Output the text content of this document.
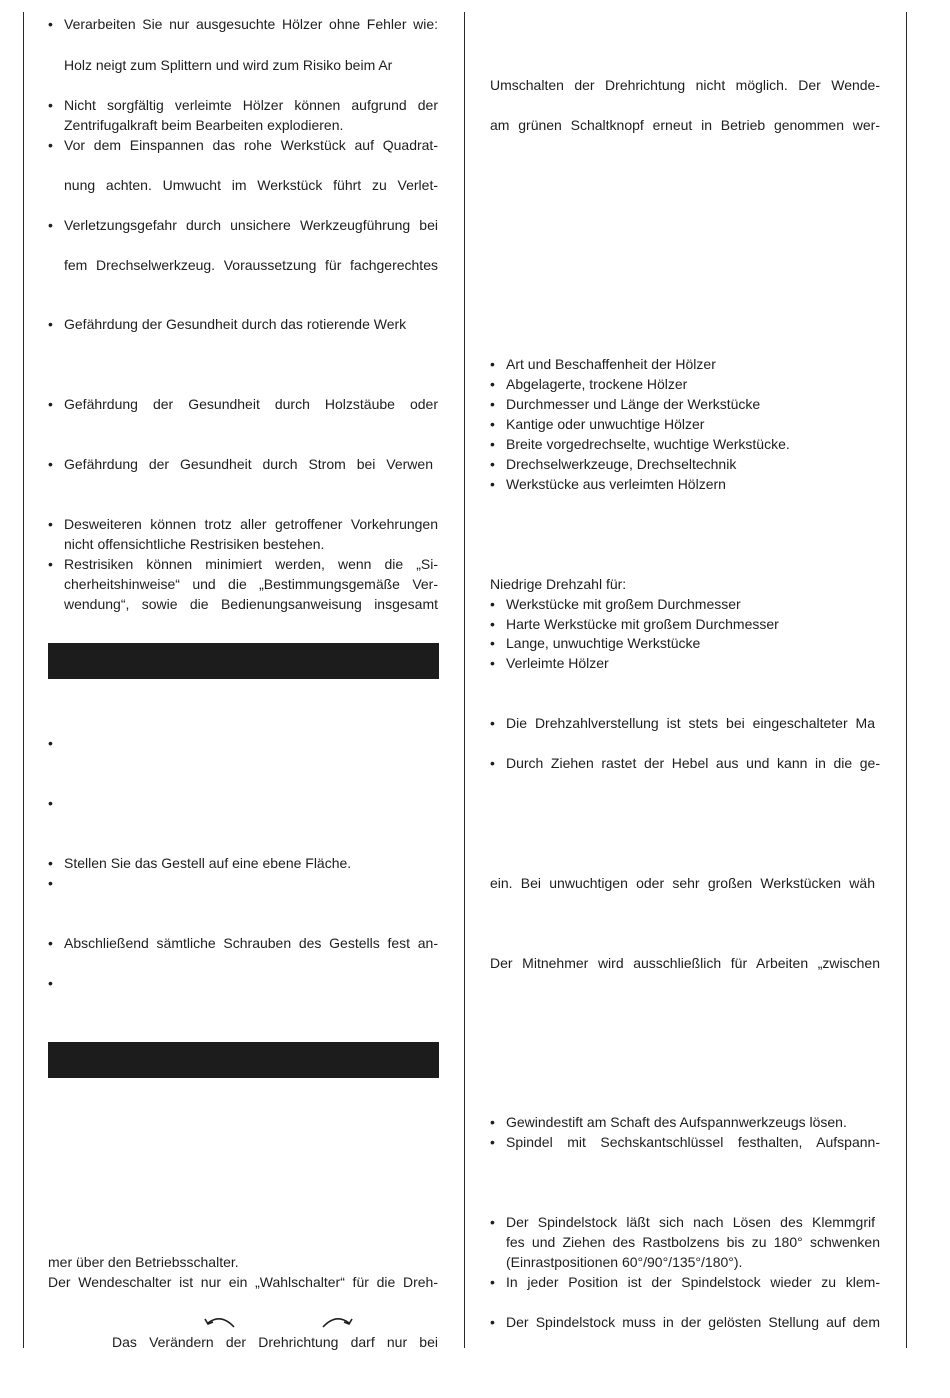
• Verarbeiten Sie nur ausgesuchte Hölzer ohne Fehler wie:
Holz neigt zum Splittern und wird zum Risiko beim Ar
• Nicht sorgfältig verleimte Hölzer können aufgrund der
Zentrifugalkraft beim Bearbeiten explodieren.
• Vor dem Einspannen das rohe Werkstück auf Quadrat-
nung achten. Umwucht im Werkstück führt zu Verlet-
• Verletzungsgefahr durch unsichere Werkzeugführung bei
fem Drechselwerkzeug. Voraussetzung für fachgerechtes
• Gefährdung der Gesundheit durch das rotierende Werk
• Gefährdung der Gesundheit durch Holzstäube oder
• Gefährdung der Gesundheit durch Strom bei Verwen
• Desweiteren können trotz aller getroffener Vorkehrungen
nicht offensichtliche Restrisiken bestehen.
• Restrisiken können minimiert werden, wenn die „Si-
cherheitshinweise“ und die „Bestimmungsgemäße Ver-
wendung“, sowie die Bedienungsanweisung insgesamt
•
•
• Stellen Sie das Gestell auf eine ebene Fläche.
•
• Abschließend sämtliche Schrauben des Gestells fest an-
•
mer über den Betriebsschalter.
Der Wendeschalter ist nur ein „Wahlschalter“ für die Dreh-
Das Verändern der Drehrichtung darf nur bei
Umschalten der Drehrichtung nicht möglich. Der Wende-
am grünen Schaltknopf erneut in Betrieb genommen wer-
• Art und Beschaffenheit der Hölzer
• Abgelagerte, trockene Hölzer
• Durchmesser und Länge der Werkstücke
• Kantige oder unwuchtige Hölzer
• Breite vorgedrechselte, wuchtige Werkstücke.
• Drechselwerkzeuge, Drechseltechnik
• Werkstücke aus verleimten Hölzern
Niedrige Drehzahl für:
• Werkstücke mit großem Durchmesser
• Harte Werkstücke mit großem Durchmesser
• Lange, unwuchtige Werkstücke
• Verleimte Hölzer
• Die Drehzahlverstellung ist stets bei eingeschalteter Ma
• Durch Ziehen rastet der Hebel aus und kann in die ge-
ein. Bei unwuchtigen oder sehr großen Werkstücken wäh
Der Mitnehmer wird ausschließlich für Arbeiten „zwischen
• Gewindestift am Schaft des Aufspannwerkzeugs lösen.
• Spindel mit Sechskantschlüssel festhalten, Aufspann-
• Der Spindelstock läßt sich nach Lösen des Klemmgrif
fes und Ziehen des Rastbolzens bis zu 180° schwenken
(Einrastpositionen 60°/90°/135°/180°).
• In jeder Position ist der Spindelstock wieder zu klem-
• Der Spindelstock muss in der gelösten Stellung auf dem
